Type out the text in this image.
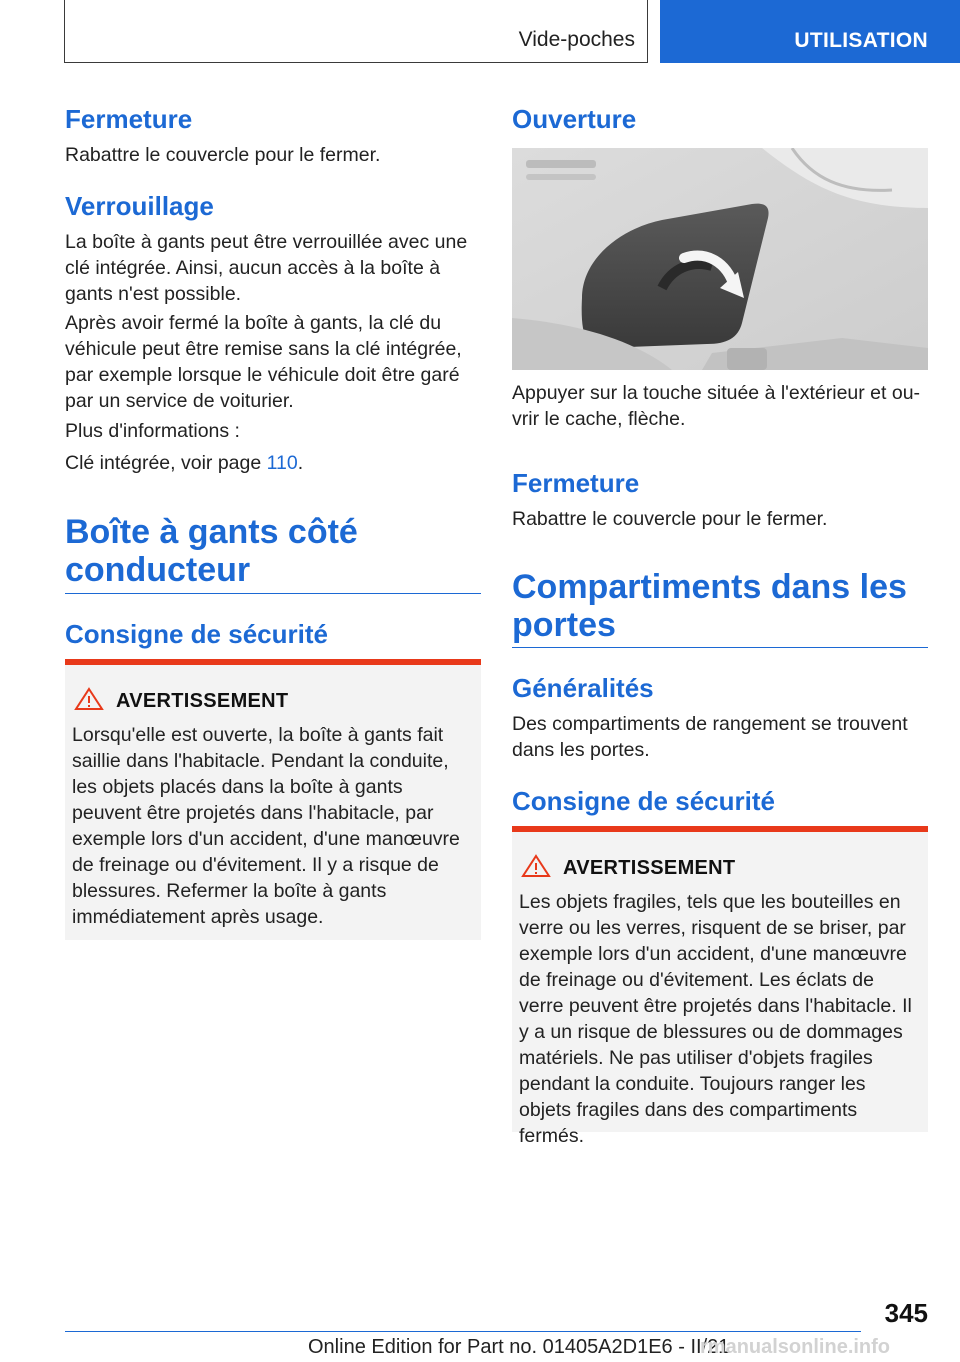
Vide-poches	UTILISATION
Fermeture

Rabattre le couvercle pour le fermer.

Verrouillage

La boîte à gants peut être verrouillée avec une clé intégrée. Ainsi, aucun accès à la boîte à gants n'est possible.

Après avoir fermé la boîte à gants, la clé du véhicule peut être remise sans la clé intégrée, par exemple lorsque le véhicule doit être garé par un service de voiturier.

Plus d'informations :

Clé intégrée, voir page 110.

Boîte à gants côté conducteur
Consigne de sécurité
AVERTISSEMENT

Lorsqu'elle est ouverte, la boîte à gants fait saillie dans l'habitacle. Pendant la conduite, les objets placés dans la boîte à gants peuvent être projetés dans l'habitacle, par exemple lors d'un accident, d'une manœuvre de freinage ou d'évitement. Il y a risque de blessures. Refermer la boîte à gants immédiatement après usage.

Ouverture

Appuyer sur la touche située à l'extérieur et ouvrir le cache, flèche.

Fermeture

Rabattre le couvercle pour le fermer.

Compartiments dans les portes
Généralités

Des compartiments de rangement se trouvent dans les portes.

Consigne de sécurité
AVERTISSEMENT

Les objets fragiles, tels que les bouteilles en verre ou les verres, risquent de se briser, par exemple lors d'un accident, d'une manœuvre de freinage ou d'évitement. Les éclats de verre peuvent être projetés dans l'habitacle. Il y a un risque de blessures ou de dommages matériels. Ne pas utiliser d'objets fragiles pendant la conduite. Toujours ranger les objets fragiles dans des compartiments fermés.

345
Online Edition for Part no. 01405A2D1E6 - II/21
rmanualsonline.info
